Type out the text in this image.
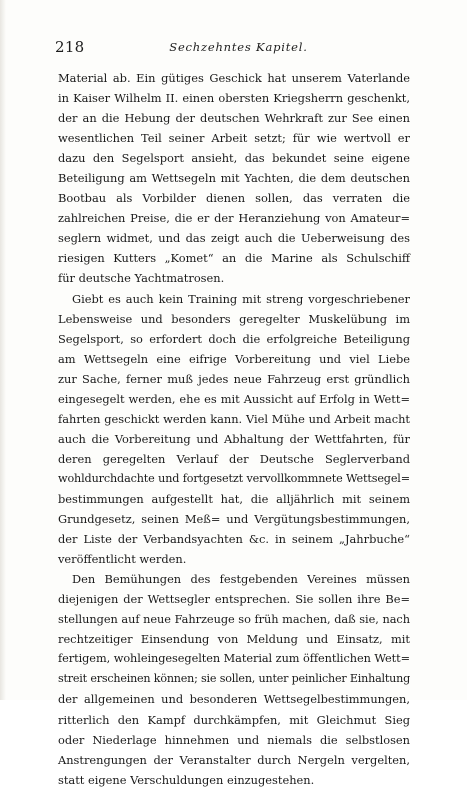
218	Sechzehntes Kapitel.
Material ab. Ein gütiges Geschick hat unserem Vaterlande
in Kaiser Wilhelm II. einen obersten Kriegsherrn geschenkt,
der an die Hebung der deutschen Wehrkraft zur See einen
wesentlichen Teil seiner Arbeit setzt; für wie wertvoll er
dazu den Segelsport ansieht, das bekundet seine eigene
Beteiligung am Wettsegeln mit Yachten, die dem deutschen
Bootbau als Vorbilder dienen sollen, das verraten die
zahlreichen Preise, die er der Heranziehung von Amateur=
seglern widmet, und das zeigt auch die Ueberweisung des
riesigen Kutters „Komet“ an die Marine als Schulschiff
für deutsche Yachtmatrosen.
Giebt es auch kein Training mit streng vorgeschriebener
Lebensweise und besonders geregelter Muskelübung im
Segelsport, so erfordert doch die erfolgreiche Beteiligung
am Wettsegeln eine eifrige Vorbereitung und viel Liebe
zur Sache, ferner muß jedes neue Fahrzeug erst gründlich
eingesegelt werden, ehe es mit Aussicht auf Erfolg in Wett=
fahrten geschickt werden kann. Viel Mühe und Arbeit macht
auch die Vorbereitung und Abhaltung der Wettfahrten, für
deren geregelten Verlauf der Deutsche Seglerverband
wohldurchdachte und fortgesetzt vervollkommnete Wettsegel=
bestimmungen aufgestellt hat, die alljährlich mit seinem
Grundgesetz, seinen Meß= und Vergütungsbestimmungen,
der Liste der Verbandsyachten &c. in seinem „Jahrbuche“
veröffentlicht werden.
Den Bemühungen des festgebenden Vereines müssen
diejenigen der Wettsegler entsprechen. Sie sollen ihre Be=
stellungen auf neue Fahrzeuge so früh machen, daß sie, nach
rechtzeitiger Einsendung von Meldung und Einsatz, mit
fertigem, wohleingesegelten Material zum öffentlichen Wett=
streit erscheinen können; sie sollen, unter peinlicher Einhaltung
der allgemeinen und besonderen Wettsegelbestimmungen,
ritterlich den Kampf durchkämpfen, mit Gleichmut Sieg
oder Niederlage hinnehmen und niemals die selbstlosen
Anstrengungen der Veranstalter durch Nergeln vergelten,
statt eigene Verschuldungen einzugestehen.
